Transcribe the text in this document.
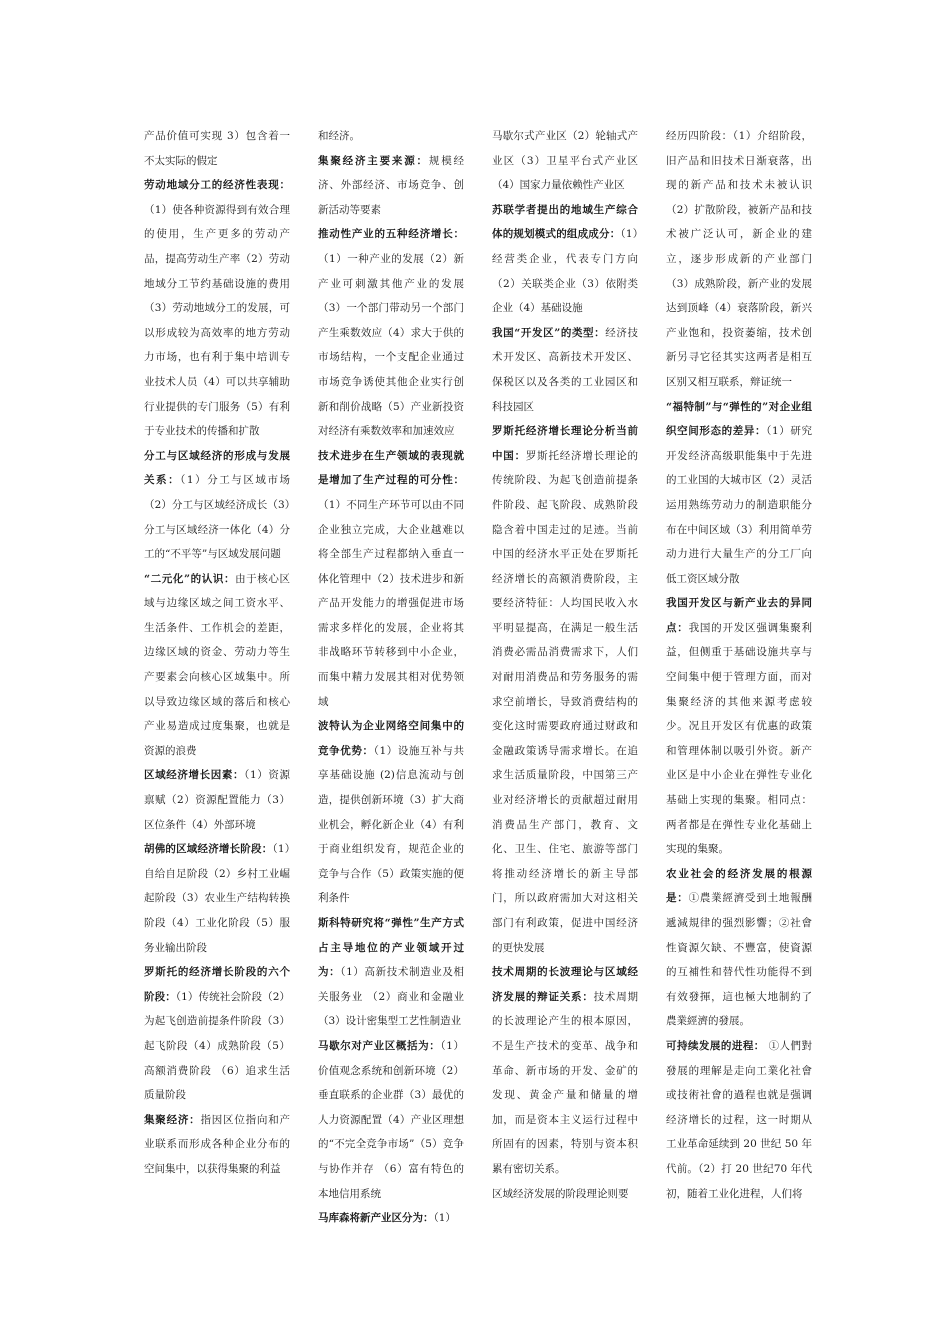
产品价值可实现 3）包含着一不太实际的假定
劳动地域分工的经济性表现：（1）使各种资源得到有效合理的使用，生产更多的劳动产品，提高劳动生产率（2）劳动地域分工节约基础设施的费用（3）劳动地域分工的发展，可以形成较为高效率的地方劳动力市场，也有利于集中培训专业技术人员（4）可以共享辅助行业提供的专门服务（5）有利于专业技术的传播和扩散
分工与区域经济的形成与发展关系：（1）分工与区域市场（2）分工与区域经济成长（3）分工与区域经济一体化（4）分工的“不平等”与区域发展问题
“二元化”的认识：由于核心区域与边缘区域之间工资水平、生活条件、工作机会的差距，边缘区域的资金、劳动力等生产要素会向核心区域集中。所以导致边缘区域的落后和核心产业易造成过度集聚，也就是资源的浪费
区域经济增长因素：（1）资源禀赋（2）资源配置能力（3）区位条件（4）外部环境
胡佛的区域经济增长阶段：（1）自给自足阶段（2）乡村工业崛起阶段（3）农业生产结构转换阶段（4）工业化阶段（5）服务业输出阶段
罗斯托的经济增长阶段的六个阶段：（1）传统社会阶段（2）为起飞创造前提条件阶段（3）起飞阶段（4）成熟阶段（5）高额消费阶段 （6）追求生活质量阶段
集聚经济：指因区位指向和产业联系而形成各种企业分布的空间集中，以获得集聚的利益
和经济。
集聚经济主要来源：规模经济、外部经济、市场竞争、创新活动等要素
推动性产业的五种经济增长：（1）一种产业的发展（2）新产业可刺激其他产业的发展（3）一个部门带动另一个部门产生乘数效应（4）求大于供的市场结构，一个支配企业通过市场竞争诱使其他企业实行创新和削价战略（5）产业新投资对经济有乘数效率和加速效应
技术进步在生产领域的表现就是增加了生产过程的可分性：（1）不同生产环节可以由不同企业独立完成，大企业越难以将全部生产过程都纳入垂直一体化管理中（2）技术进步和新产品开发能力的增强促进市场需求多样化的发展，企业将其非战略环节转移到中小企业，而集中精力发展其相对优势领域
波特认为企业网络空间集中的竞争优势：（1）设施互补与共享基础设施 (2)信息流动与创造，提供创新环境（3）扩大商业机会，孵化新企业（4）有利于商业组织发育，规范企业的竞争与合作（5）政策实施的便利条件
斯科特研究将“弹性”生产方式占主导地位的产业领域开过为：（1）高新技术制造业及相关服务业 （2）商业和金融业（3）设计密集型工艺性制造业
马歇尔对产业区概括为：（1）价值观念系统和创新环境（2）垂直联系的企业群（3）最优的人力资源配置（4）产业区理想的“不完全竞争市场”（5）竞争与协作并存 （6）富有特色的本地信用系统
马库森将新产业区分为：（1）
马歇尔式产业区（2）轮轴式产业区（3）卫星平台式产业区（4）国家力量依赖性产业区
苏联学者提出的地域生产综合体的规划模式的组成成分：（1）经营类企业，代表专门方向 （2）关联类企业（3）依附类企业（4）基础设施
我国“开发区”的类型：经济技术开发区、高新技术开发区、保税区以及各类的工业园区和科技园区
罗斯托经济增长理论分析当前中国：罗斯托经济增长理论的传统阶段、为起飞创造前提条件阶段、起飞阶段、成熟阶段隐含着中国走过的足迹。当前中国的经济水平正处在罗斯托经济增长的高额消费阶段，主要经济特征：人均国民收入水平明显提高，在满足一般生活消费必需品消费需求下，人们对耐用消费品和劳务服务的需求空前增长，导致消费结构的变化这时需要政府通过财政和金融政策诱导需求增长。在追求生活质量阶段，中国第三产业对经济增长的贡献超过耐用消费品生产部门，教育、文化、卫生、住宅、旅游等部门将推动经济增长的新主导部门，所以政府需加大对这相关部门有利政策，促进中国经济的更快发展
技术周期的长波理论与区域经济发展的辩证关系：技术周期的长波理论产生的根本原因，不是生产技术的变革、战争和革命、新市场的开发、金矿的发现、黄金产量和储量的增加，而是资本主义运行过程中所固有的因素，特别与资本积累有密切关系。
区域经济发展的阶段理论则要
经历四阶段：（1）介绍阶段，旧产品和旧技术日渐衰落，出现的新产品和技术未被认识（2）扩散阶段，被新产品和技术被广泛认可，新企业的建立，逐步形成新的产业部门（3）成熟阶段，新产业的发展达到顶峰（4）衰落阶段，新兴产业饱和，投资萎缩，技术创新另寻它径其实这两者是相互区别又相互联系，辩证统一
“福特制”与“弹性的”对企业组织空间形态的差异：（1）研究开发经济高级职能集中于先进的工业国的大城市区（2）灵活运用熟练劳动力的制造职能分布在中间区域（3）利用简单劳动力进行大量生产的分工厂向低工资区域分散
我国开发区与新产业去的异同点：我国的开发区强调集聚利益，但侧重于基础设施共享与空间集中便于管理方面，而对集聚经济的其他来源考虑较少。况且开发区有优惠的政策和管理体制以吸引外资。新产业区是中小企业在弹性专业化基础上实现的集聚。相同点：两者都是在弹性专业化基础上实现的集聚。
农业社会的经济发展的根源是：①農業經濟受到土地報酬遞減規律的强烈影響；②社會性資源欠缺、不豐富，使資源的互補性和替代性功能得不到有效發揮，這也極大地制約了農業經濟的發展。
可持续发展的进程： ①人們對發展的理解是走向工業化社會或技術社會的過程也就是强调经济增长的过程，这一时期从工业革命延续到 20 世纪 50 年代前。（2）打 20 世纪70 年代初，随着工业化进程，人们将
